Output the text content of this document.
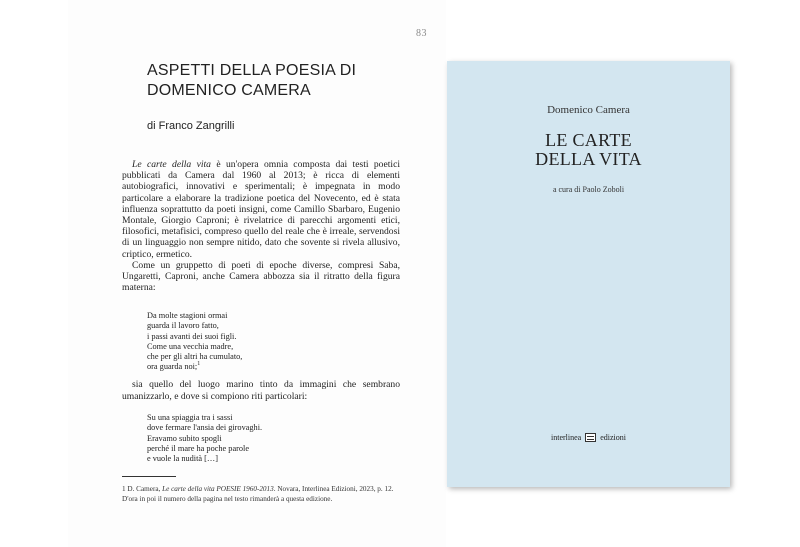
83
ASPETTI DELLA POESIA DI
DOMENICO CAMERA
di Franco Zangrilli

Le carte della vita è un'opera omnia composta dai testi poetici pubblicati da Camera dal 1960 al 2013; è ricca di elementi autobiografici, innovativi e sperimentali; è impegnata in modo particolare a elaborare la tradizione poetica del Novecento, ed è stata influenza soprattutto da poeti insigni, come Camillo Sbarbaro, Eugenio Montale, Giorgio Caproni; è rivelatrice di parecchi argomenti etici, filosofici, metafisici, compreso quello del reale che è irreale, servendosi di un linguaggio non sempre nitido, dato che sovente si rivela allusivo, criptico, ermetico.

Come un gruppetto di poeti di epoche diverse, compresi Saba, Ungaretti, Caproni, anche Camera abbozza sia il ritratto della figura materna:

Da molte stagioni ormai
guarda il lavoro fatto,
i passi avanti dei suoi figli.
Come una vecchia madre,
che per gli altri ha cumulato,
ora guarda noi;$^1$

sia quello del luogo marino tinto da immagini che sembrano umanizzarlo, e dove si compiono riti particolari:

Su una spiaggia tra i sassi
dove fermare l'ansia dei girovaghi.
Eravamo subito spogli
perché il mare ha poche parole
e vuole la nudità […]
1 D. Camera, Le carte della vita POESIE 1960-2013. Novara, Interlinea Edizioni, 2023, p. 12. D'ora in poi il numero della pagina nel testo rimanderà a questa edizione.
Domenico Camera
LE CARTE
DELLA VITA
a cura di Paolo Zoboli
interlinea edizioni
